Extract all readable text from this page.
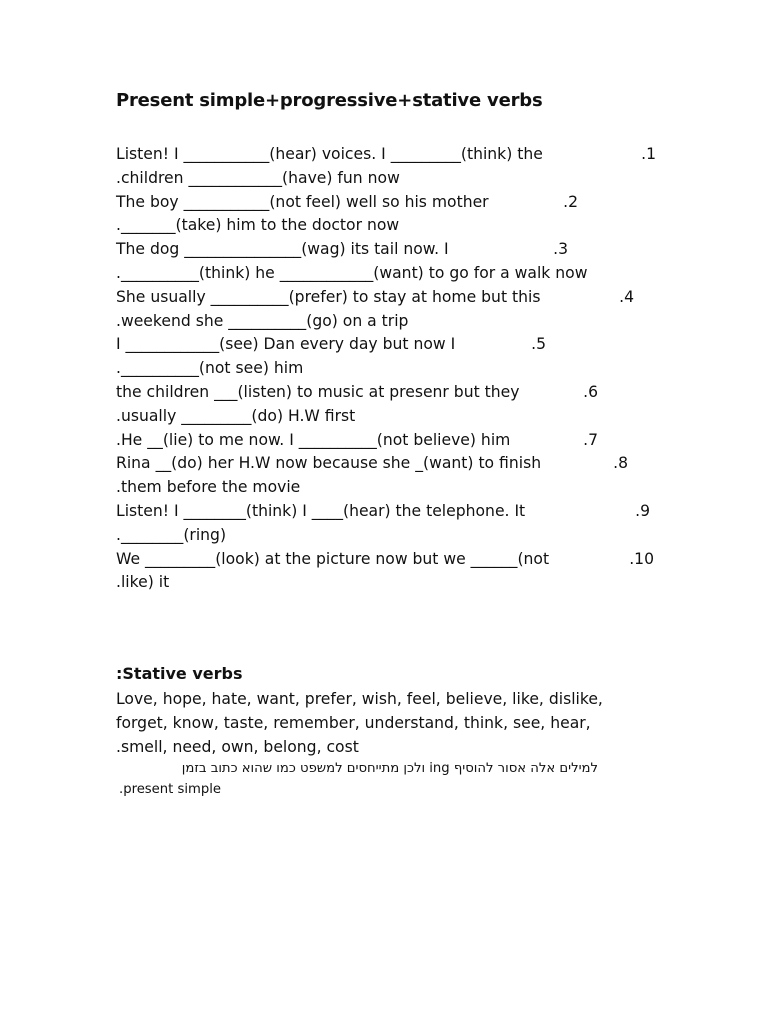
Present simple+progressive+stative verbs
Listen! I ___________(hear) voices. I _________(think) the	.1
.children ____________(have) fun now
The boy ___________(not feel) well so his mother	.2
._______(take) him to the doctor now
The dog _______________(wag) its tail now. I	.3
.__________(think) he ____________(want) to go for a walk now
She usually __________(prefer) to stay at home but this	.4
.weekend she __________(go) on a trip
I ____________(see) Dan every day but now I	.5
.__________(not see) him
the children ___(listen) to music at presenr but they	.6
.usually _________(do) H.W first
.He __(lie) to me now. I __________(not believe) him	.7
Rina __(do) her H.W now because she _(want) to finish	.8
.them before the movie
Listen! I ________(think) I ____(hear) the telephone. It	.9
.________(ring)
We _________(look) at the picture now but we ______(not	.10
.like) it
:Stative verbs
Love, hope, hate, want, prefer, wish, feel, believe, like, dislike,
forget, know, taste, remember, understand, think, see, hear,
.smell, need, own, belong, cost
למילים אלה אסור להוסיף ing ולכן מתייחסים למשפט כמו שהוא כתוב בזמן
.present simple
